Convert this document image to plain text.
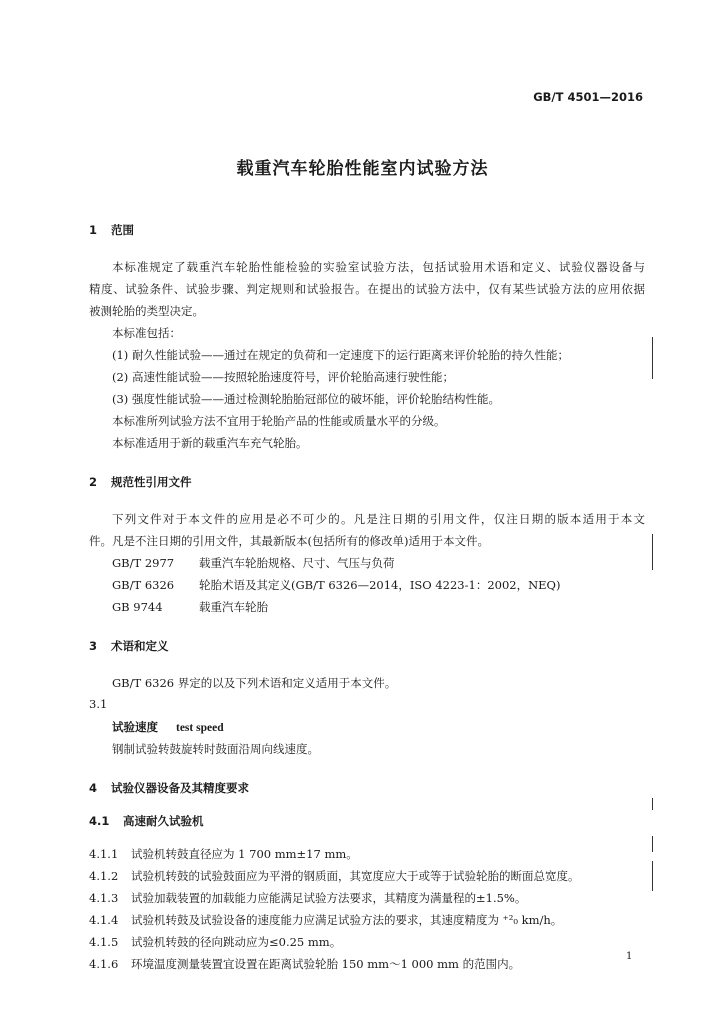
GB/T 4501—2016
载重汽车轮胎性能室内试验方法
1 范围
本标准规定了载重汽车轮胎性能检验的实验室试验方法，包括试验用术语和定义、试验仪器设备与
精度、试验条件、试验步骤、判定规则和试验报告。在提出的试验方法中，仅有某些试验方法的应用依据
被测轮胎的类型决定。
本标准包括：
(1) 耐久性能试验——通过在规定的负荷和一定速度下的运行距离来评价轮胎的持久性能；
(2) 高速性能试验——按照轮胎速度符号，评价轮胎高速行驶性能；
(3) 强度性能试验——通过检测轮胎胎冠部位的破坏能，评价轮胎结构性能。
本标准所列试验方法不宜用于轮胎产品的性能或质量水平的分级。
本标准适用于新的载重汽车充气轮胎。
2 规范性引用文件
下列文件对于本文件的应用是必不可少的。凡是注日期的引用文件，仅注日期的版本适用于本文
件。凡是不注日期的引用文件，其最新版本(包括所有的修改单)适用于本文件。
GB/T 2977 载重汽车轮胎规格、尺寸、气压与负荷
GB/T 6326 轮胎术语及其定义(GB/T 6326—2014，ISO 4223-1：2002，NEQ)
GB 9744	载重汽车轮胎
3 术语和定义
GB/T 6326 界定的以及下列术语和定义适用于本文件。
3.1
试验速度 test speed
钢制试验转鼓旋转时鼓面沿周向线速度。
4 试验仪器设备及其精度要求
4.1 高速耐久试验机
4.1.1 试验机转鼓直径应为 1 700 mm±17 mm。
4.1.2 试验机转鼓的试验鼓面应为平滑的钢质面，其宽度应大于或等于试验轮胎的断面总宽度。
4.1.3 试验加载装置的加载能力应能满足试验方法要求，其精度为满量程的±1.5%。
4.1.4 试验机转鼓及试验设备的速度能力应满足试验方法的要求，其速度精度为 ⁺²₀ km/h。
4.1.5 试验机转鼓的径向跳动应为≤0.25 mm。
4.1.6 环境温度测量装置宜设置在距离试验轮胎 150 mm～1 000 mm 的范围内。
1
